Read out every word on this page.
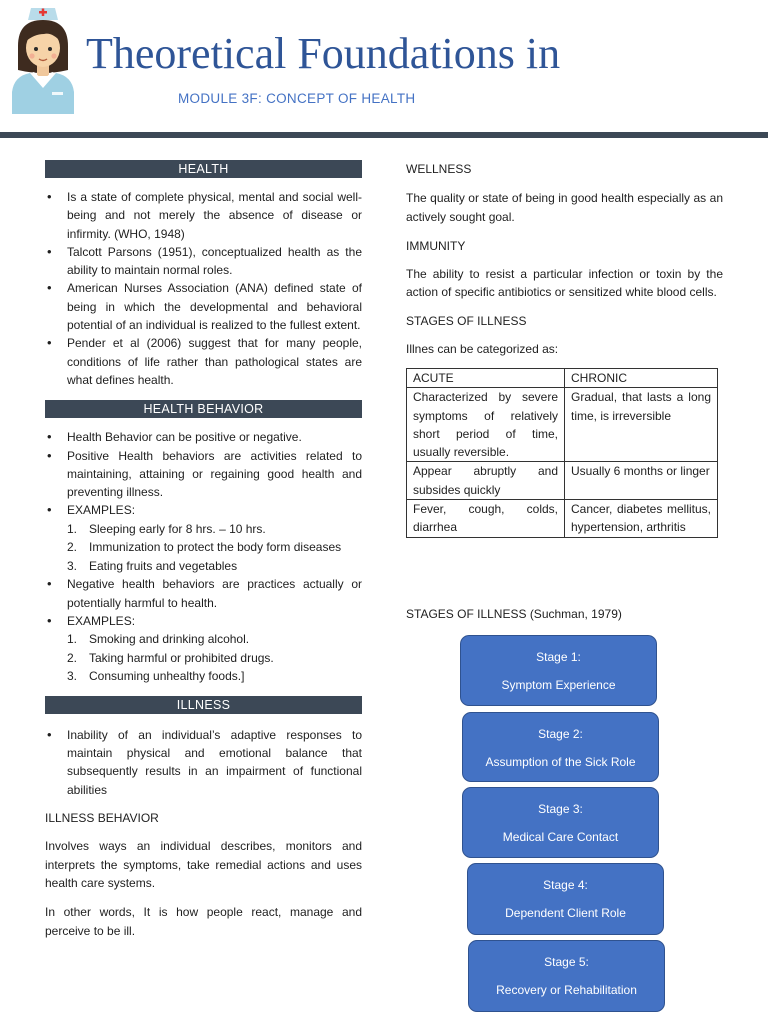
Theoretical Foundations in
MODULE 3F: CONCEPT OF HEALTH
HEALTH
• Is a state of complete physical, mental and social well-being and not merely the absence of disease or infirmity. (WHO, 1948)
• Talcott Parsons (1951), conceptualized health as the ability to maintain normal roles.
• American Nurses Association (ANA) defined state of being in which the developmental and behavioral potential of an individual is realized to the fullest extent.
• Pender et al (2006) suggest that for many people, conditions of life rather than pathological states are what defines health.
HEALTH BEHAVIOR
• Health Behavior can be positive or negative.
• Positive Health behaviors are activities related to maintaining, attaining or regaining good health and preventing illness.
• EXAMPLES:
1. Sleeping early for 8 hrs. – 10 hrs.
2. Immunization to protect the body form diseases
3. Eating fruits and vegetables
• Negative health behaviors are practices actually or potentially harmful to health.
• EXAMPLES:
1. Smoking and drinking alcohol.
2. Taking harmful or prohibited drugs.
3. Consuming unhealthy foods.]
ILLNESS
• Inability of an individual’s adaptive responses to maintain physical and emotional balance that subsequently results in an impairment of functional abilities
ILLNESS BEHAVIOR

Involves ways an individual describes, monitors and interprets the symptoms, take remedial actions and uses health care systems.

In other words, It is how people react, manage and perceive to be ill.

WELLNESS

The quality or state of being in good health especially as an actively sought goal.

IMMUNITY

The ability to resist a particular infection or toxin by the action of specific antibiotics or sensitized white blood cells.

STAGES OF ILLNESS

Illnes can be categorized as:

ACUTE	CHRONIC
Characterized by severe symptoms of relatively short period of time, usually reversible.	Gradual, that lasts a long time, is irreversible
Appear abruptly and subsides quickly	Usually 6 months or linger
Fever, cough, colds, diarrhea	Cancer, diabetes mellitus, hypertension, arthritis
STAGES OF ILLNESS (Suchman, 1979)
Stage 1:
Symptom Experience
Stage 2:
Assumption of the Sick Role
Stage 3:
Medical Care Contact
Stage 4:
Dependent Client Role
Stage 5:
Recovery or Rehabilitation
